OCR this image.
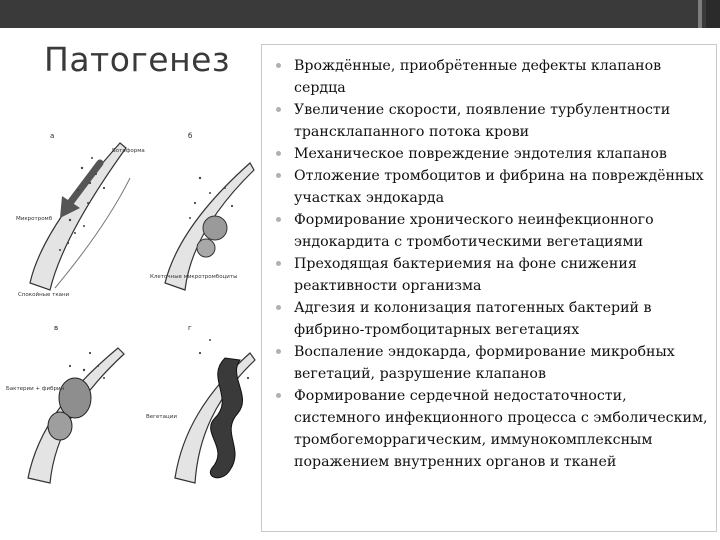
Патогенез
a
Ботоформа
Микротромб
Спокойные ткани
б
Клеточные микротромбоциты
в
Бактерии + фибрин
г
Вегетации
Врождённые, приобрётенные дефекты клапанов сердца
Увеличение скорости, появление турбулентности трансклапанного потока крови
Механическое повреждение эндотелия клапанов
Отложение тромбоцитов и фибрина на повреждённых участках эндокарда
Формирование хронического неинфекционного эндокардита с тромботическими вегетациями
Преходящая бактериемия на фоне снижения реактивности организма
Адгезия и колонизация патогенных бактерий в фибрино-тромбоцитарных вегетациях
Воспаление эндокарда, формирование микробных вегетаций, разрушение клапанов
Формирование сердечной недостаточности, системного инфекционного процесса с эмболическим, тромбогеморрагическим, иммунокомплексным поражением внутренних органов и тканей
